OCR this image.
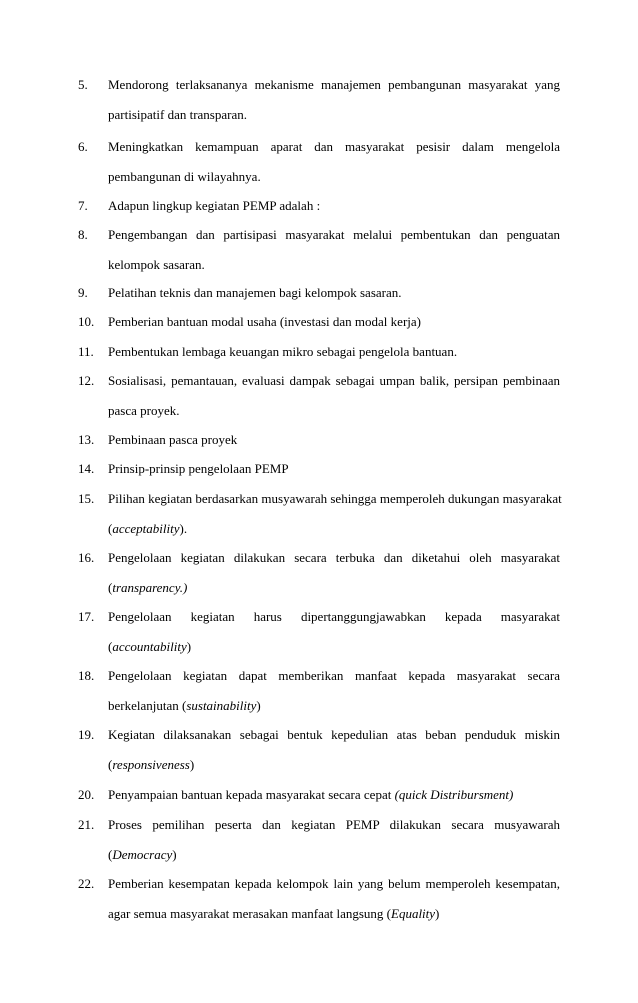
5.	Mendorong terlaksananya mekanisme manajemen pembangunan masyarakat yang
partisipatif dan transparan.
6.	Meningkatkan kemampuan aparat dan masyarakat pesisir dalam mengelola
pembangunan di wilayahnya.
7.	Adapun lingkup kegiatan PEMP adalah :
8.	Pengembangan dan partisipasi masyarakat melalui pembentukan dan penguatan
kelompok sasaran.
9.	Pelatihan teknis dan manajemen bagi kelompok sasaran.
10.	Pemberian bantuan modal usaha (investasi dan modal kerja)
11.	Pembentukan lembaga keuangan mikro sebagai pengelola bantuan.
12.	Sosialisasi, pemantauan, evaluasi dampak sebagai umpan balik, persipan pembinaan
pasca proyek.
13.	Pembinaan pasca proyek
14.	Prinsip-prinsip pengelolaan PEMP
15.	Pilihan kegiatan berdasarkan musyawarah sehingga memperoleh dukungan masyarakat
(acceptability).
16.	Pengelolaan kegiatan dilakukan secara terbuka dan diketahui oleh masyarakat
(transparency.)
17.	Pengelolaan kegiatan harus dipertanggungjawabkan kepada masyarakat
(accountability)
18.	Pengelolaan kegiatan dapat memberikan manfaat kepada masyarakat secara
berkelanjutan (sustainability)
19.	Kegiatan dilaksanakan sebagai bentuk kepedulian atas beban penduduk miskin
(responsiveness)
20.	Penyampaian bantuan kepada masyarakat secara cepat (quick Distribursment)
21.	Proses pemilihan peserta dan kegiatan PEMP dilakukan secara musyawarah
(Democracy)
22.	Pemberian kesempatan kepada kelompok lain yang belum memperoleh kesempatan,
agar semua masyarakat merasakan manfaat langsung (Equality)
